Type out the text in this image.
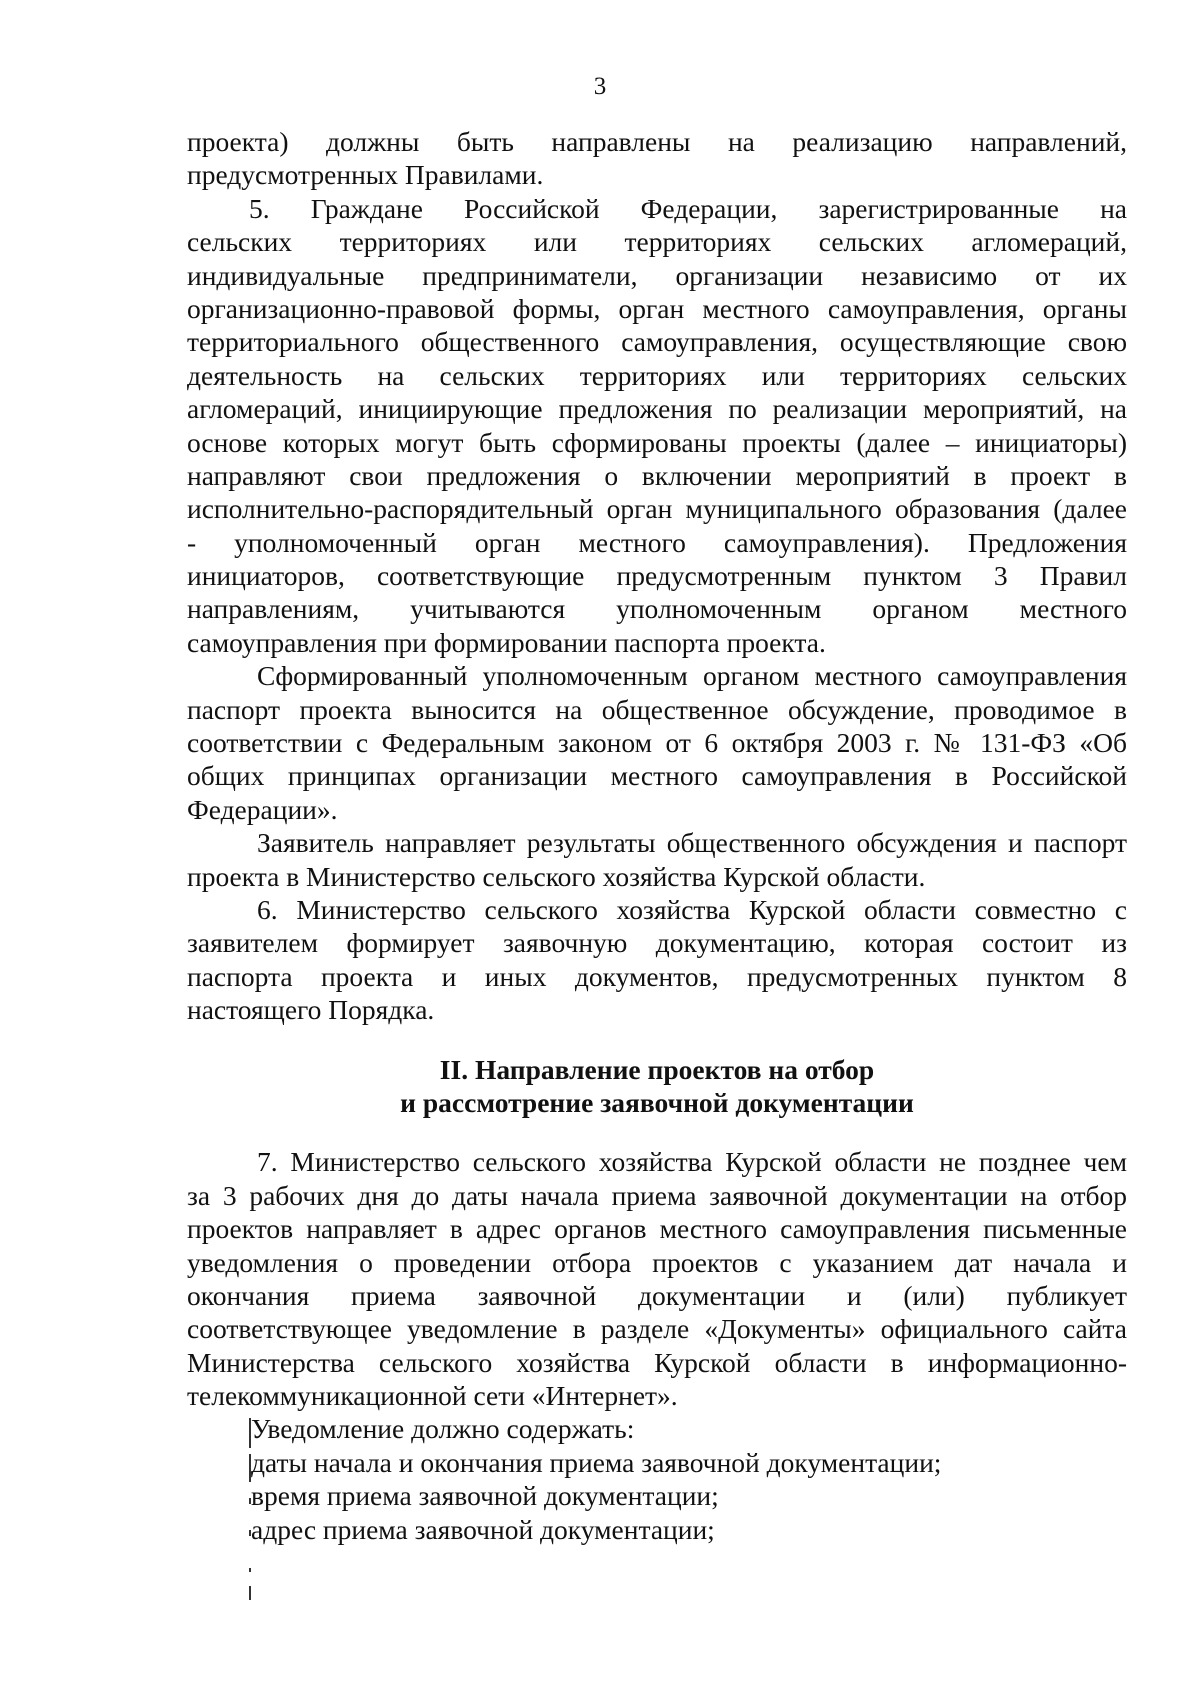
3
проекта) должны быть направлены на реализацию направлений,
предусмотренных Правилами.
5. Граждане Российской Федерации, зарегистрированные на
сельских территориях или территориях сельских агломераций,
индивидуальные предприниматели, организации независимо от их
организационно-правовой формы, орган местного самоуправления, органы
территориального общественного самоуправления, осуществляющие свою
деятельность на сельских территориях или территориях сельских
агломераций, инициирующие предложения по реализации мероприятий, на
основе которых могут быть сформированы проекты (далее – инициаторы)
направляют свои предложения о включении мероприятий в проект в
исполнительно-распорядительный орган муниципального образования (далее
- уполномоченный орган местного самоуправления). Предложения
инициаторов, соответствующие предусмотренным пунктом 3 Правил
направлениям, учитываются уполномоченным органом местного
самоуправления при формировании паспорта проекта.
Сформированный уполномоченным органом местного самоуправления
паспорт проекта выносится на общественное обсуждение, проводимое в
соответствии с Федеральным законом от 6 октября 2003 г. № 131-ФЗ «Об
общих принципах организации местного самоуправления в Российской
Федерации».
Заявитель направляет результаты общественного обсуждения и паспорт
проекта в Министерство сельского хозяйства Курской области.
6. Министерство сельского хозяйства Курской области совместно с
заявителем формирует заявочную документацию, которая состоит из
паспорта проекта и иных документов, предусмотренных пунктом 8
настоящего Порядка.
II. Направление проектов на отбор
и рассмотрение заявочной документации
7. Министерство сельского хозяйства Курской области не позднее чем
за 3 рабочих дня до даты начала приема заявочной документации на отбор
проектов направляет в адрес органов местного самоуправления письменные
уведомления о проведении отбора проектов с указанием дат начала и
окончания приема заявочной документации и (или) публикует
соответствующее уведомление в разделе «Документы» официального сайта
Министерства сельского хозяйства Курской области в информационно-
телекоммуникационной сети «Интернет».
Уведомление должно содержать:
даты начала и окончания приема заявочной документации;
время приема заявочной документации;
адрес приема заявочной документации;
